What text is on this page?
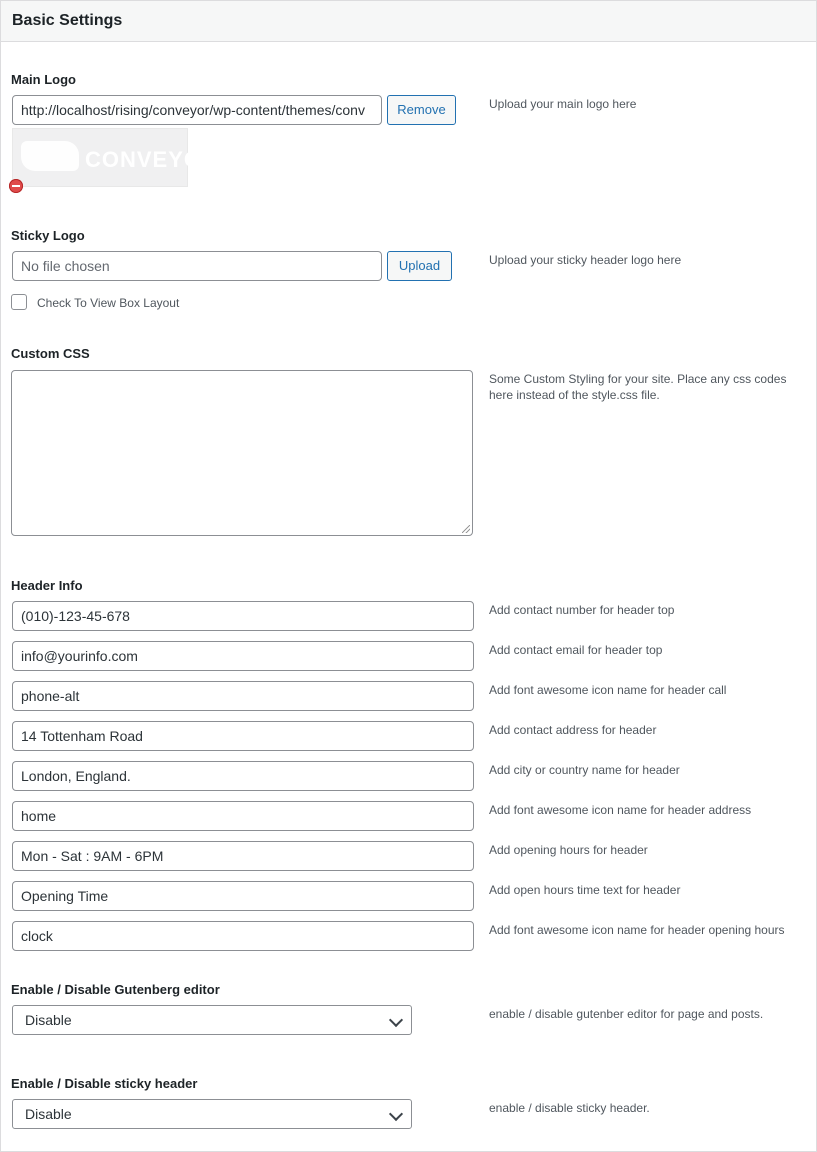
Basic Settings
Main Logo
http://localhost/rising/conveyor/wp-content/themes/conv	Remove	Upload your main logo here
CONVEYOR
Sticky Logo
No file chosen	Upload	Upload your sticky header logo here
Check To View Box Layout
Custom CSS
Some Custom Styling for your site. Place any css codes here instead of the style.css file.
Header Info
(010)-123-45-678	Add contact number for header top
info@yourinfo.com	Add contact email for header top
phone-alt	Add font awesome icon name for header call
14 Tottenham Road	Add contact address for header
London, England.	Add city or country name for header
home	Add font awesome icon name for header address
Mon - Sat : 9AM - 6PM	Add opening hours for header
Opening Time	Add open hours time text for header
clock	Add font awesome icon name for header opening hours
Enable / Disable Gutenberg editor
Disable	enable / disable gutenber editor for page and posts.
Enable / Disable sticky header
Disable	enable / disable sticky header.
